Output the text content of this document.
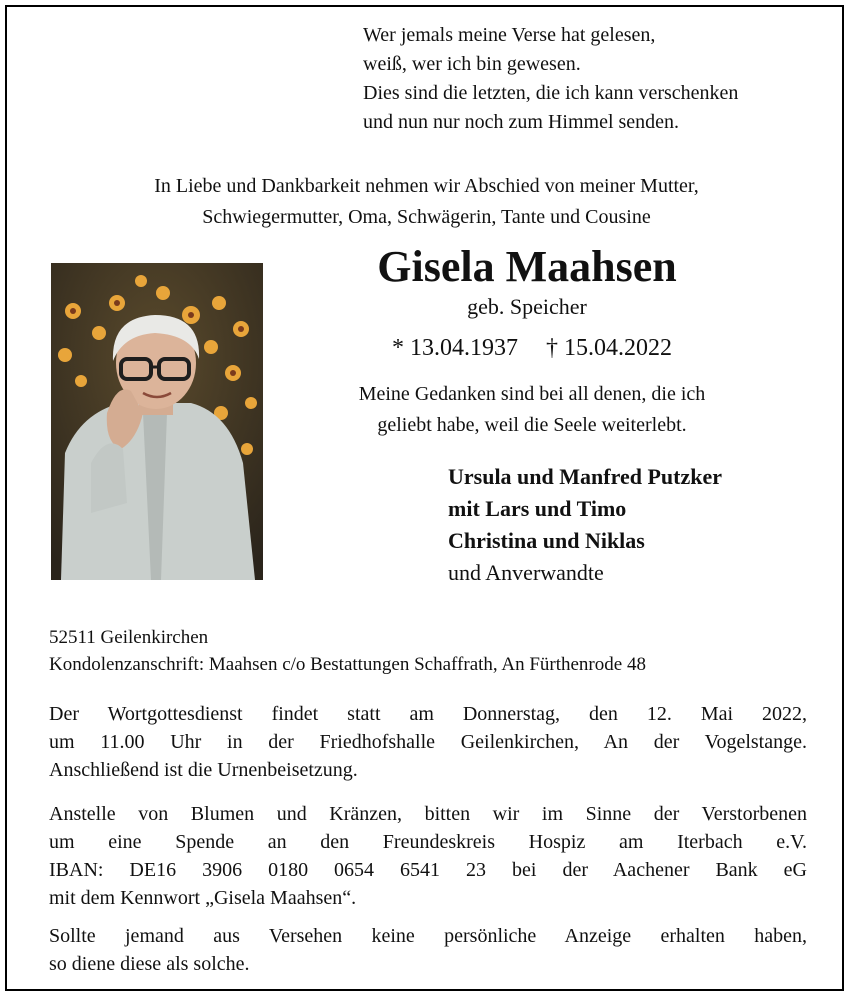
Wer jemals meine Verse hat gelesen,
weiß, wer ich bin gewesen.
Dies sind die letzten, die ich kann verschenken
und nun nur noch zum Himmel senden.
In Liebe und Dankbarkeit nehmen wir Abschied von meiner Mutter,
Schwiegermutter, Oma, Schwägerin, Tante und Cousine
Gisela Maahsen
geb. Speicher
* 13.04.1937 † 15.04.2022
Meine Gedanken sind bei all denen, die ich
geliebt habe, weil die Seele weiterlebt.
Ursula und Manfred Putzker
mit Lars und Timo
Christina und Niklas
und Anverwandte
52511 Geilenkirchen
Kondolenzanschrift: Maahsen c/o Bestattungen Schaffrath, An Fürthenrode 48
Der Wortgottesdienst findet statt am Donnerstag, den 12. Mai 2022,
um 11.00 Uhr in der Friedhofshalle Geilenkirchen, An der Vogelstange.
Anschließend ist die Urnenbeisetzung.
Anstelle von Blumen und Kränzen, bitten wir im Sinne der Verstorbenen
um eine Spende an den Freundeskreis Hospiz am Iterbach e.V.
IBAN: DE16 3906 0180 0654 6541 23 bei der Aachener Bank eG
mit dem Kennwort „Gisela Maahsen“.
Sollte jemand aus Versehen keine persönliche Anzeige erhalten haben,
so diene diese als solche.
